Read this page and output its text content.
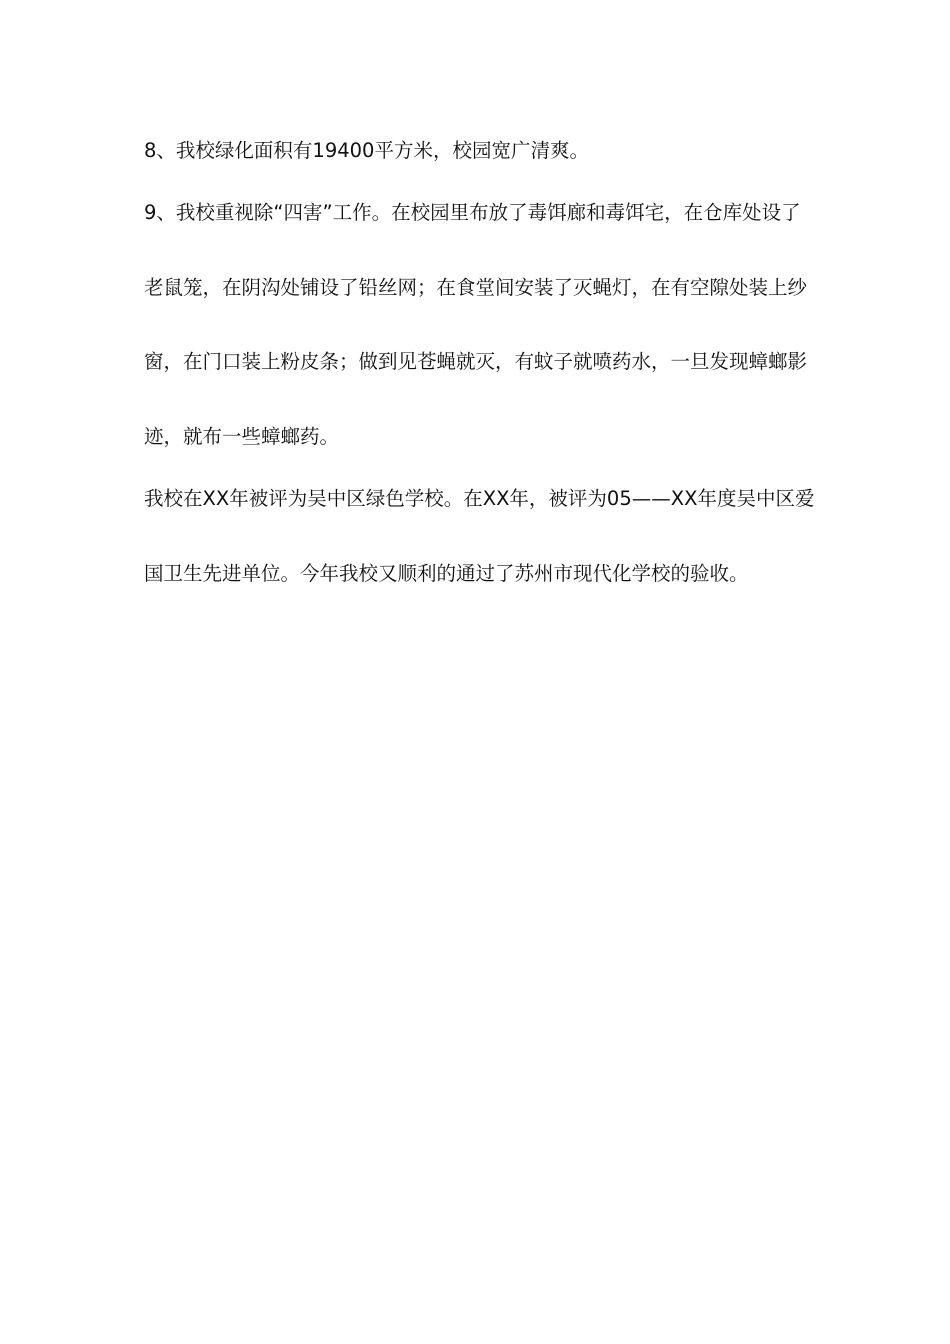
8、我校绿化面积有19400平方米，校园宽广清爽。
9、我校重视除“四害”工作。在校园里布放了毒饵廊和毒饵宅，在仓库处设了
老鼠笼，在阴沟处铺设了铅丝网；在食堂间安装了灭蝇灯，在有空隙处装上纱
窗，在门口装上粉皮条；做到见苍蝇就灭，有蚊子就喷药水，一旦发现蟑螂影
迹，就布一些蟑螂药。
我校在XX年被评为吴中区绿色学校。在XX年，被评为05——XX年度吴中区爱
国卫生先进单位。今年我校又顺利的通过了苏州市现代化学校的验收。
